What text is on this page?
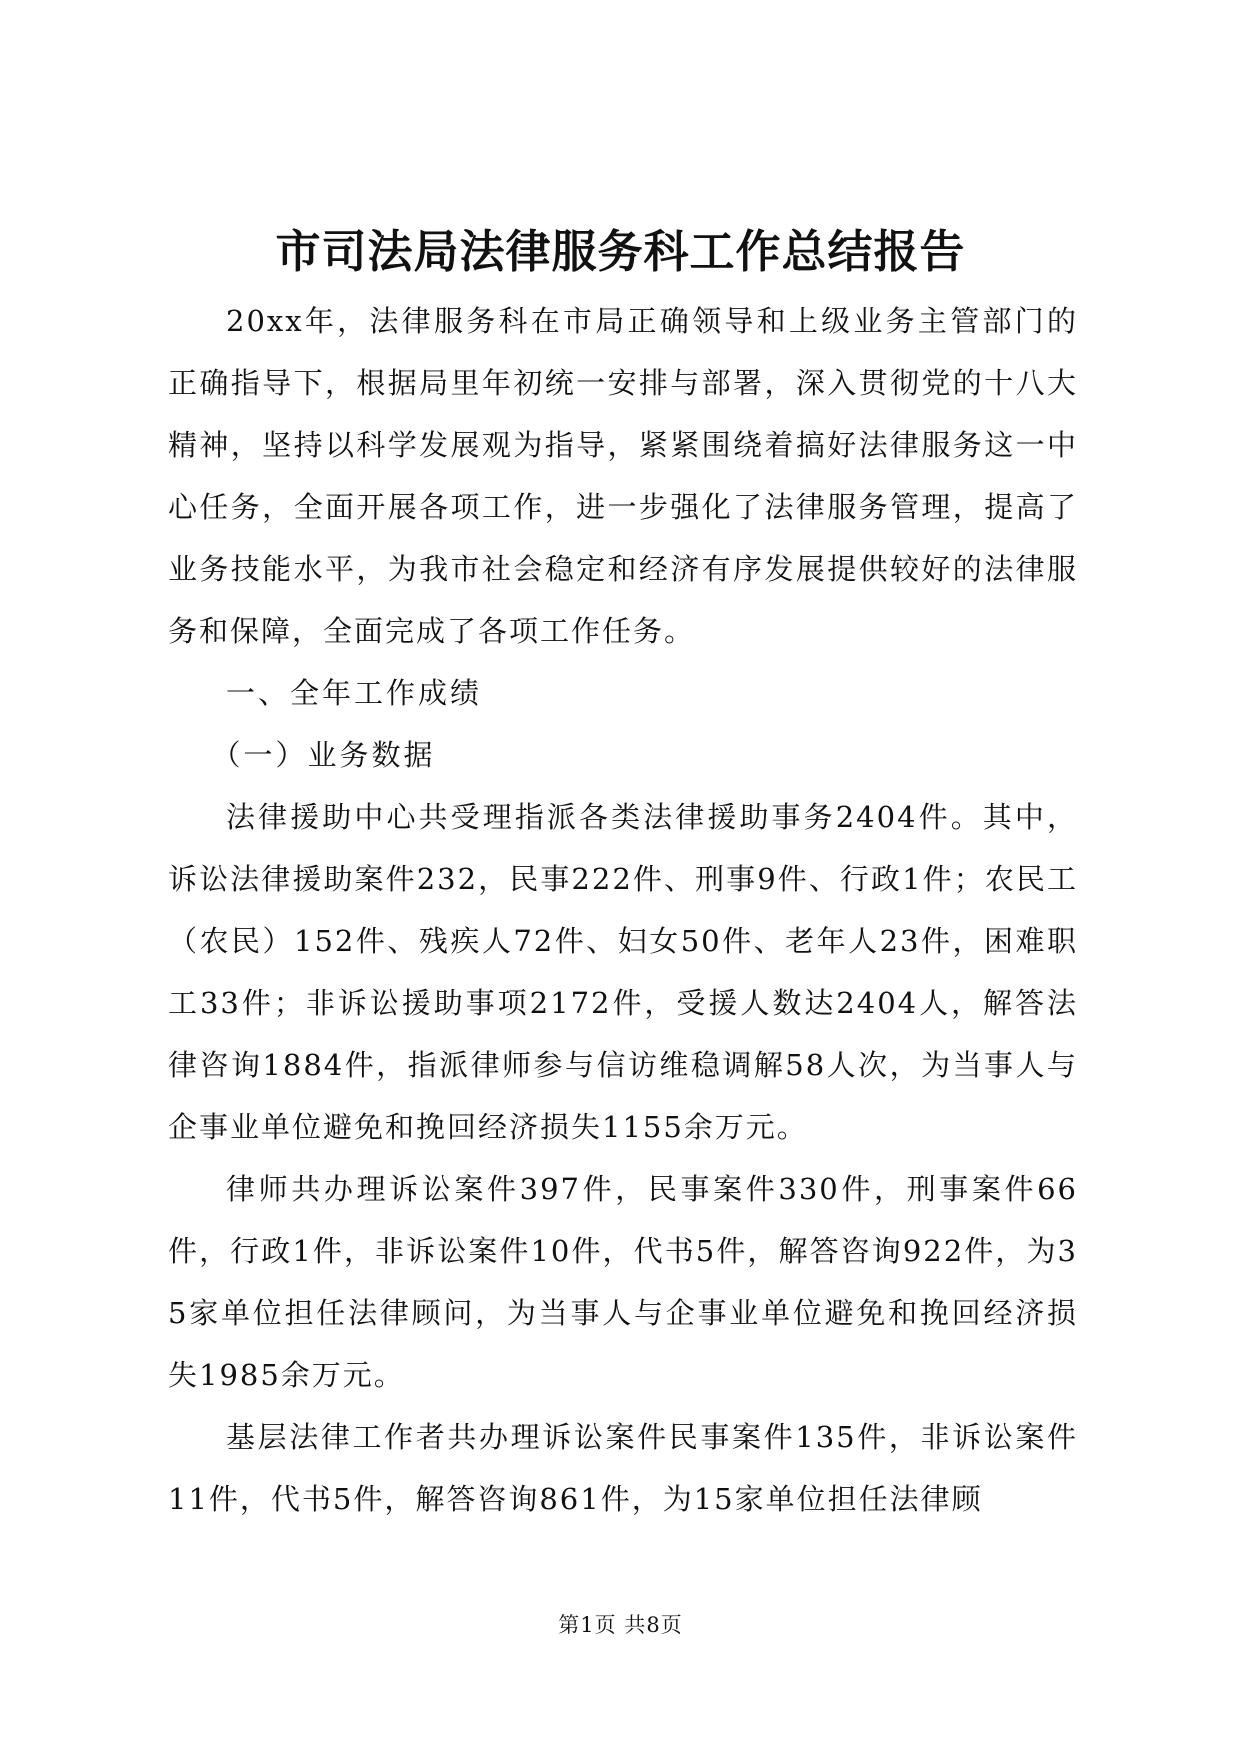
市司法局法律服务科工作总结报告

20xx年，法律服务科在市局正确领导和上级业务主管部门的正确指导下，根据局里年初统一安排与部署，深入贯彻党的十八大精神，坚持以科学发展观为指导，紧紧围绕着搞好法律服务这一中心任务，全面开展各项工作，进一步强化了法律服务管理，提高了业务技能水平，为我市社会稳定和经济有序发展提供较好的法律服务和保障，全面完成了各项工作任务。

一、全年工作成绩

（一）业务数据

法律援助中心共受理指派各类法律援助事务2404件。其中，诉讼法律援助案件232，民事222件、刑事9件、行政1件；农民工（农民）152件、残疾人72件、妇女50件、老年人23件，困难职工33件；非诉讼援助事项2172件，受援人数达2404人，解答法律咨询1884件，指派律师参与信访维稳调解58人次，为当事人与企事业单位避免和挽回经济损失1155余万元。

律师共办理诉讼案件397件，民事案件330件，刑事案件66件，行政1件，非诉讼案件10件，代书5件，解答咨询922件，为35家单位担任法律顾问，为当事人与企事业单位避免和挽回经济损失1985余万元。

基层法律工作者共办理诉讼案件民事案件135件，非诉讼案件11件，代书5件，解答咨询861件，为15家单位担任法律顾

第1页 共8页
